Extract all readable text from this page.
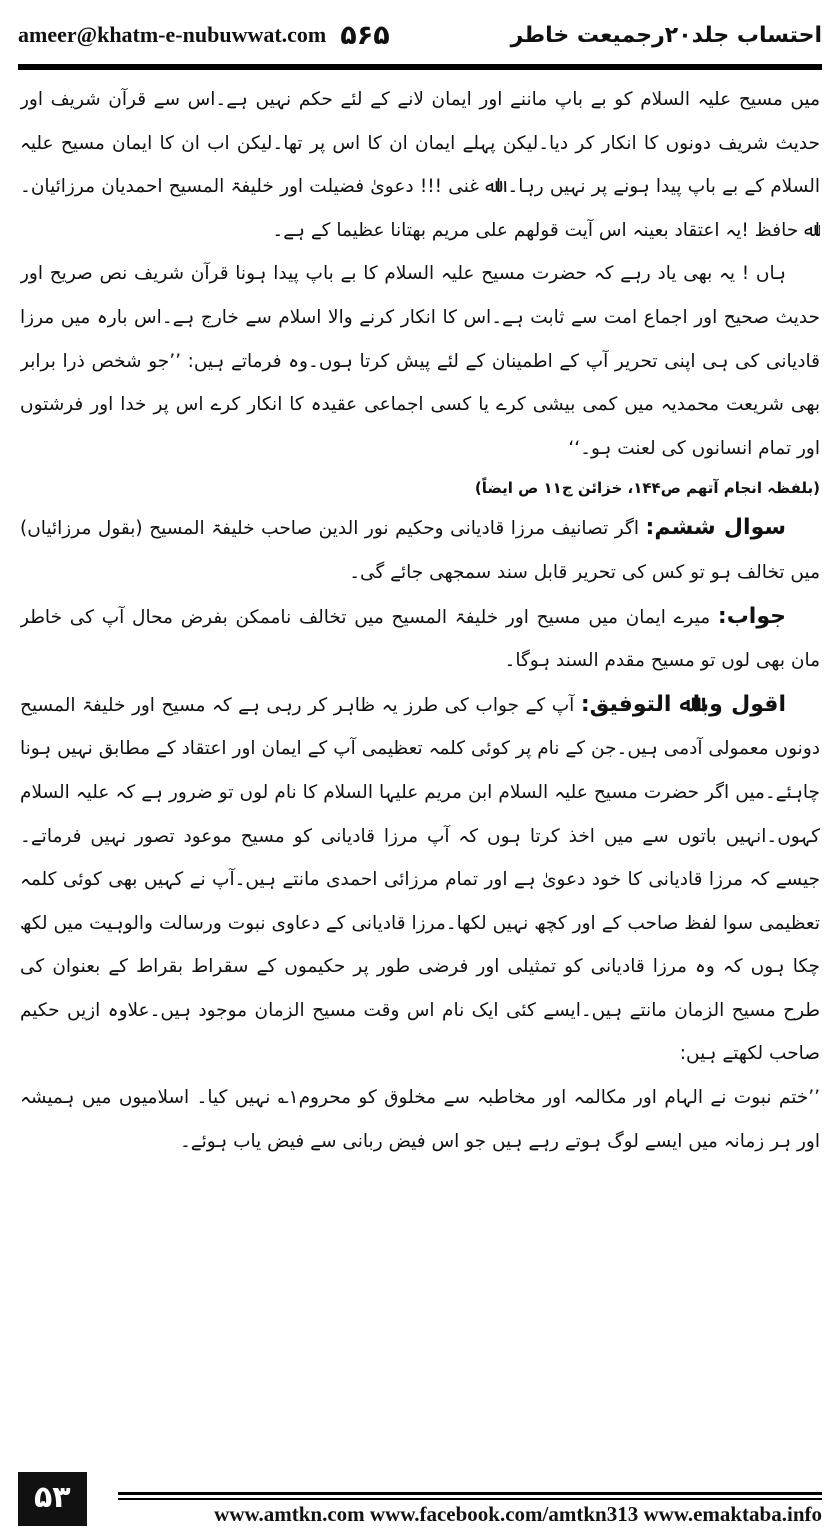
ameer@khatm-e-nubuwwat.com ۵۶۵	احتساب جلد۲۰رجمیعت خاطر

میں مسیح علیہ السلام کو بے باپ ماننے اور ایمان لانے کے لئے حکم نہیں ہے۔اس سے قرآن شریف اور حدیث شریف دونوں کا انکار کر دیا۔لیکن پہلے ایمان ان کا اس پر تھا۔لیکن اب ان کا ایمان مسیح علیہ السلام کے بے باپ پیدا ہونے پر نہیں رہا۔ اﷲ غنی !!! دعویٰ فضیلت اور خلیفۃ المسیح احمدیان مرزائیان۔ اﷲ حافظ !یہ اعتقاد بعینہ اس آیت قولھم علی مریم بھتانا عظیما کے ہے۔

ہاں ! یہ بھی یاد رہے کہ حضرت مسیح علیہ السلام کا بے باپ پیدا ہونا قرآن شریف نص صریح اور حدیث صحیح اور اجماع امت سے ثابت ہے۔اس کا انکار کرنے والا اسلام سے خارج ہے۔اس بارہ میں مرزا قادیانی کی ہی اپنی تحریر آپ کے اطمینان کے لئے پیش کرتا ہوں۔وہ فرماتے ہیں: ’’جو شخص ذرا برابر بھی شریعت محمدیہ میں کمی بیشی کرے یا کسی اجماعی عقیدہ کا انکار کرے اس پر خدا اور فرشتوں اور تمام انسانوں کی لعنت ہو۔‘‘

(بلفظہ انجام آتھم ص۱۴۴، خزائن ج۱۱ ص ایضاً)

سوال ششم: اگر تصانیف مرزا قادیانی وحکیم نور الدین صاحب خلیفۃ المسیح (بقول مرزائیاں) میں تخالف ہو تو کس کی تحریر قابل سند سمجھی جائے گی۔

جواب: میرے ایمان میں مسیح اور خلیفۃ المسیح میں تخالف ناممکن بفرض محال آپ کی خاطر مان بھی لوں تو مسیح مقدم السند ہوگا۔

اقول وباﷲ التوفیق: آپ کے جواب کی طرز یہ ظاہر کر رہی ہے کہ مسیح اور خلیفۃ المسیح دونوں معمولی آدمی ہیں۔جن کے نام پر کوئی کلمہ تعظیمی آپ کے ایمان اور اعتقاد کے مطابق نہیں ہونا چاہئے۔میں اگر حضرت مسیح علیہ السلام ابن مریم علیہا السلام کا نام لوں تو ضرور ہے کہ علیہ السلام کہوں۔انہیں باتوں سے میں اخذ کرتا ہوں کہ آپ مرزا قادیانی کو مسیح موعود تصور نہیں فرماتے۔ جیسے کہ مرزا قادیانی کا خود دعویٰ ہے اور تمام مرزائی احمدی مانتے ہیں۔آپ نے کہیں بھی کوئی کلمہ تعظیمی سوا لفظ صاحب کے اور کچھ نہیں لکھا۔مرزا قادیانی کے دعاوی نبوت ورسالت والوہیت میں لکھ چکا ہوں کہ وہ مرزا قادیانی کو تمثیلی اور فرضی طور پر حکیموں کے سقراط بقراط کے بعنوان کی طرح مسیح الزمان مانتے ہیں۔ایسے کئی ایک نام اس وقت مسیح الزمان موجود ہیں۔علاوہ ازیں حکیم صاحب لکھتے ہیں:

’’ختم نبوت نے الہام اور مکالمہ اور مخاطبہ سے مخلوق کو محروم۱؎ نہیں کیا۔ اسلامیوں میں ہمیشہ اور ہر زمانہ میں ایسے لوگ ہوتے رہے ہیں جو اس فیض ربانی سے فیض یاب ہوئے۔

۵۳	www.amtkn.com www.facebook.com/amtkn313 www.emaktaba.info
